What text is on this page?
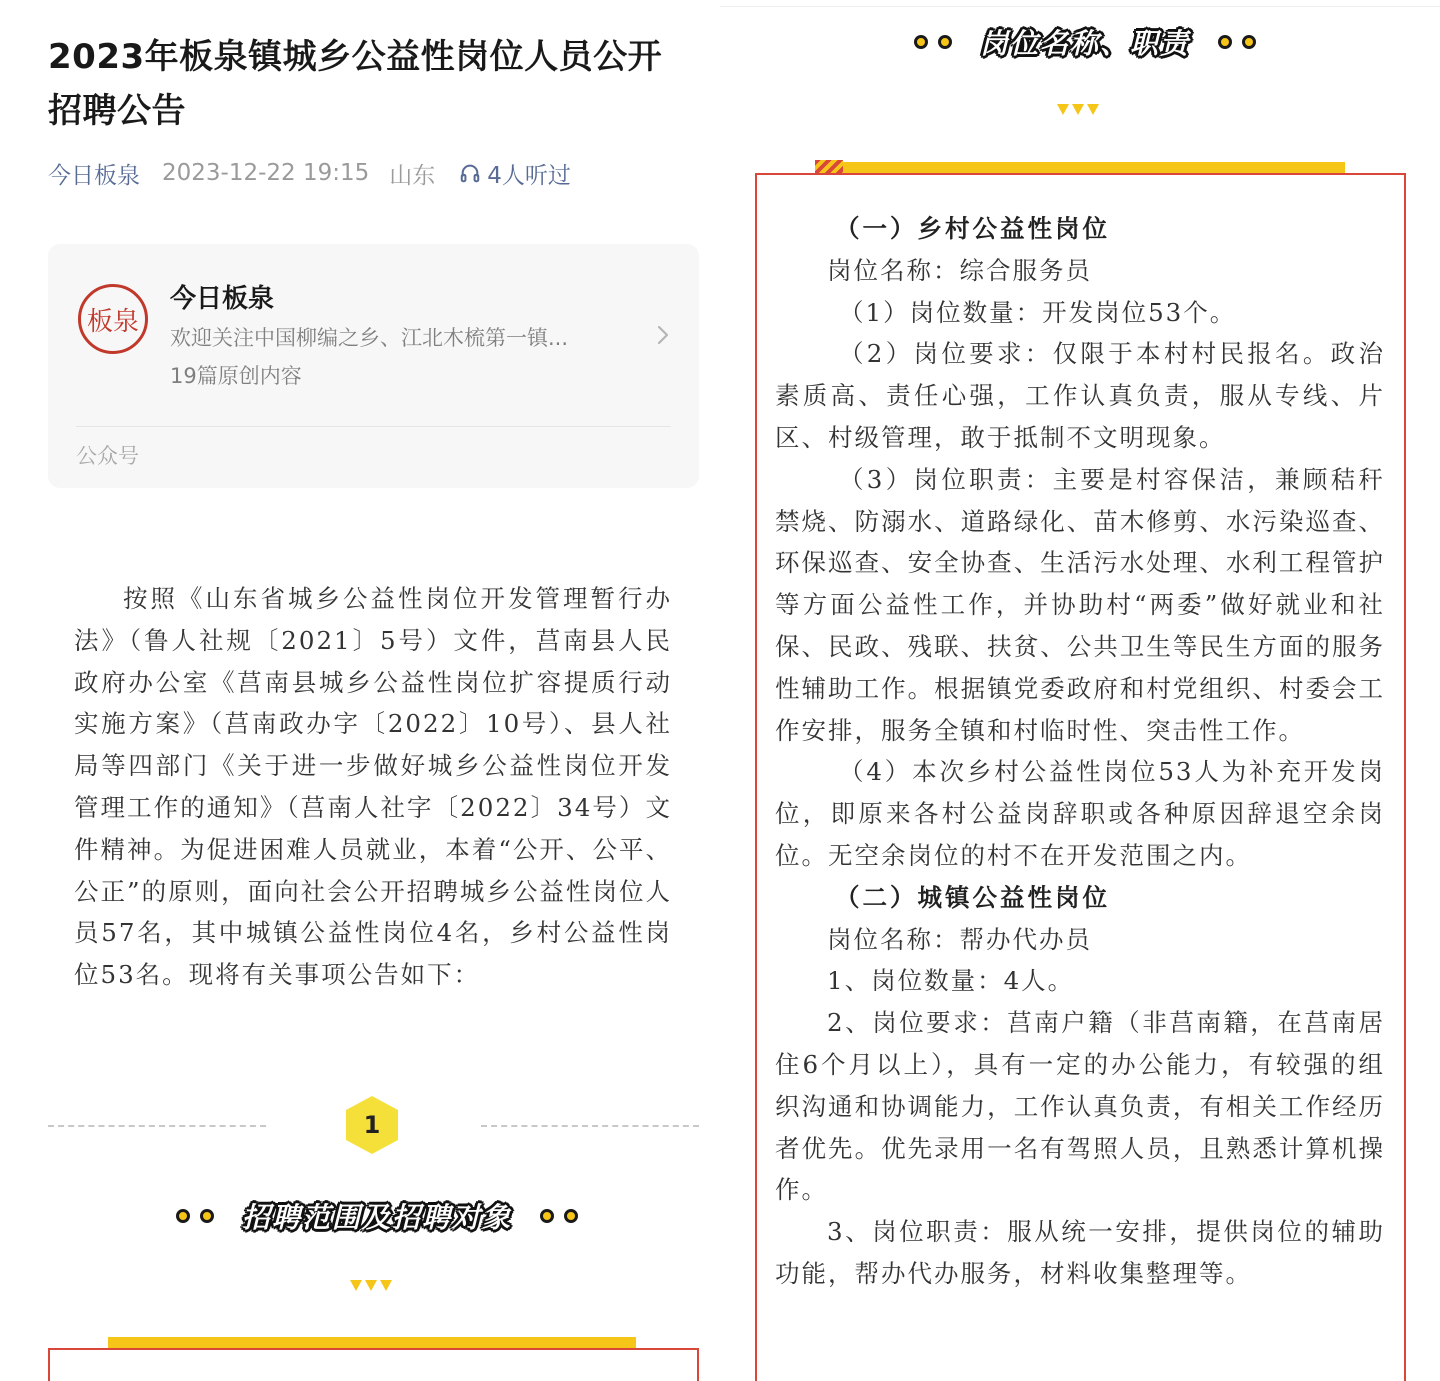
2023年板泉镇城乡公益性岗位人员公开招聘公告
今日板泉 2023-12-22 19:15 山东 4人听过
板泉
今日板泉
欢迎关注中国柳编之乡、江北木梳第一镇...
19篇原创内容
公众号

按照《山东省城乡公益性岗位开发管理暂行办法》（鲁人社规〔2021〕5号）文件，莒南县人民政府办公室《莒南县城乡公益性岗位扩容提质行动实施方案》（莒南政办字〔2022〕10号）、县人社局等四部门《关于进一步做好城乡公益性岗位开发管理工作的通知》（莒南人社字〔2022〕34号）文件精神。为促进困难人员就业，本着“公开、公平、公正”的原则，面向社会公开招聘城乡公益性岗位人员57名，其中城镇公益性岗位4名，乡村公益性岗位53名。现将有关事项公告如下：

1
招聘范围及招聘对象
岗位名称、职责

（一）乡村公益性岗位

岗位名称：综合服务员

（1）岗位数量：开发岗位53个。

（2）岗位要求：仅限于本村村民报名。政治素质高、责任心强，工作认真负责，服从专线、片区、村级管理，敢于抵制不文明现象。

（3）岗位职责：主要是村容保洁，兼顾秸秆禁烧、防溺水、道路绿化、苗木修剪、水污染巡查、环保巡查、安全协查、生活污水处理、水利工程管护等方面公益性工作，并协助村“两委”做好就业和社保、民政、残联、扶贫、公共卫生等民生方面的服务性辅助工作。根据镇党委政府和村党组织、村委会工作安排，服务全镇和村临时性、突击性工作。

（4）本次乡村公益性岗位53人为补充开发岗位，即原来各村公益岗辞职或各种原因辞退空余岗位。无空余岗位的村不在开发范围之内。

（二）城镇公益性岗位

岗位名称：帮办代办员

1、岗位数量：4人。

2、岗位要求：莒南户籍（非莒南籍，在莒南居住6个月以上），具有一定的办公能力，有较强的组织沟通和协调能力，工作认真负责，有相关工作经历者优先。优先录用一名有驾照人员，且熟悉计算机操作。

3、岗位职责：服从统一安排，提供岗位的辅助功能，帮办代办服务，材料收集整理等。
